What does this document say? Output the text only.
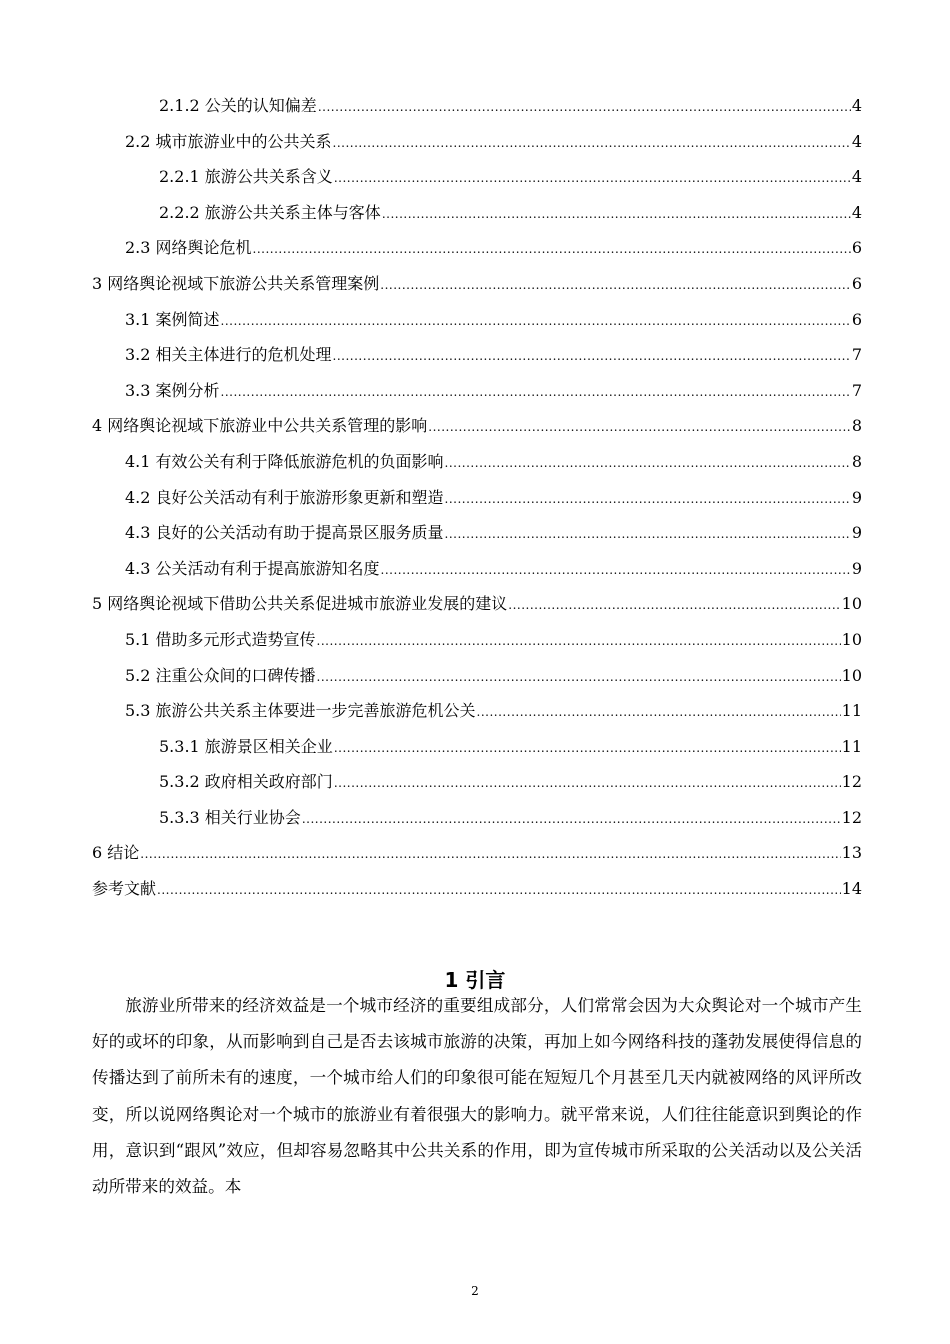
2.1.2 公关的认知偏差 .....	4
2.2 城市旅游业中的公共关系 .....	4
2.2.1 旅游公共关系含义 .....	4
2.2.2 旅游公共关系主体与客体 .....	4
2.3 网络舆论危机 .....	6
3 网络舆论视域下旅游公共关系管理案例 .....	6
3.1 案例简述 .....	6
3.2 相关主体进行的危机处理 .....	7
3.3 案例分析 .....	7
4 网络舆论视域下旅游业中公共关系管理的影响 .....	8
4.1 有效公关有利于降低旅游危机的负面影响 .....	8
4.2 良好公关活动有利于旅游形象更新和塑造 .....	9
4.3 良好的公关活动有助于提高景区服务质量 .....	9
4.3 公关活动有利于提高旅游知名度 .....	9
5 网络舆论视域下借助公共关系促进城市旅游业发展的建议 .....	10
5.1 借助多元形式造势宣传 .....	10
5.2 注重公众间的口碑传播 .....	10
5.3 旅游公共关系主体要进一步完善旅游危机公关 .....	11
5.3.1 旅游景区相关企业 .....	11
5.3.2 政府相关政府部门 .....	12
5.3.3 相关行业协会 .....	12
6 结论 .....	13
参考文献 .....	14
1 引言

旅游业所带来的经济效益是一个城市经济的重要组成部分，人们常常会因为大众舆论对一个城市产生好的或坏的印象，从而影响到自己是否去该城市旅游的决策，再加上如今网络科技的蓬勃发展使得信息的传播达到了前所未有的速度，一个城市给人们的印象很可能在短短几个月甚至几天内就被网络的风评所改变，所以说网络舆论对一个城市的旅游业有着很强大的影响力。就平常来说，人们往往能意识到舆论的作用，意识到“跟风”效应，但却容易忽略其中公共关系的作用，即为宣传城市所采取的公关活动以及公关活动所带来的效益。本

2
